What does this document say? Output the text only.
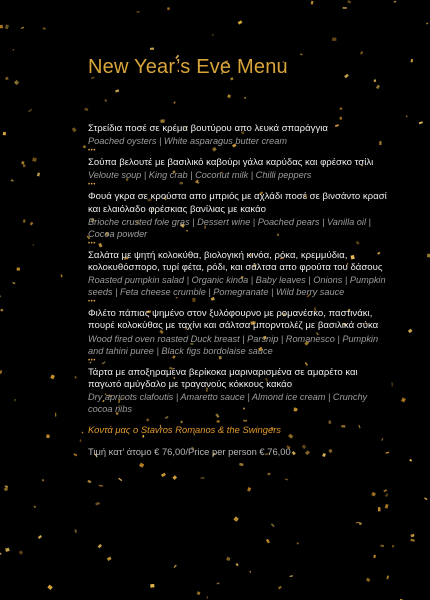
New Year’s Eve Menu
Στρείδια ποσέ σε κρέμα βουτύρου απο λευκά σπαράγγια
Poached oysters | White asparagus butter cream
•••
Σούπα βελουτέ με βασιλικό καβούρι γάλα καρύδας και φρέσκο τσίλι
Veloute soup | King crab | Coconut milk | Chilli peppers
•••
Φουά γκρα σε κρούστα απο μπριός με αχλάδι ποσέ σε βινσάντο κρασί και ελαιόλαδο φρέσκιας βανίλιας με κακάο
Brioche crusted foie gras | Dessert wine | Poached pears | Vanilla oil | Cocoa powder
•••
Σαλάτα με ψητή κολοκύθα, βιολογική κινόα, ρόκα, κρεμμύδια, κολοκυθόσπορο, τυρί φέτα, ρόδι, και σάλτσα απο φρούτα του δάσους
Roasted pumpkin salad | Organic kinoa | Baby leaves | Onions | Pumpkin seeds | Feta cheese crumble | Pomegranate | Wild berry sauce
•••
Φιλέτο πάπιας ψημένο στον ξυλόφουρνο με ρομανέσκο, παστινάκι, πουρέ κολοκύθας με ταχίνι και σάλτσα μπορντολέζ με βασιλικά σύκα
Wood fired oven roasted Duck breast | Parsnip | Romanesco | Pumpkin and tahini puree | Black figs bordolaise sauce
•••
Τάρτα με αποξηραμένα βερίκοκα μαριναρισμένα σε αμαρέτο και παγωτό αμύγδαλο με τραγανούς κόκκους κακάο
Dry apricots clafoutis | Amaretto sauce | Almond ice cream | Crunchy cocoa nibs
Κοντά μας ο Stavros Romanos & the Swingers
Τιμή κατ’ άτομο € 76,00/Price per person € 76,00
